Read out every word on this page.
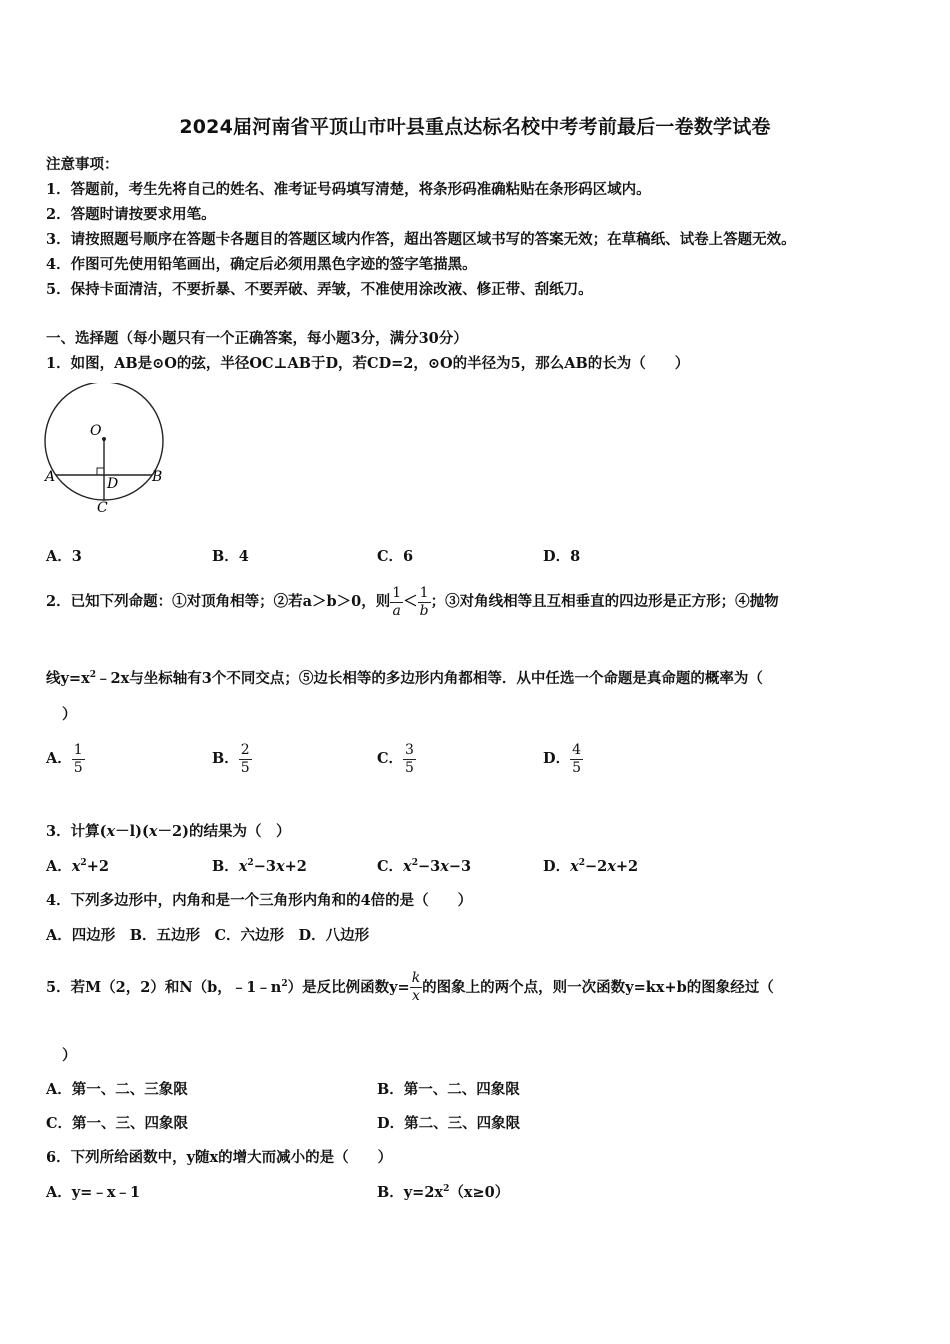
2024届河南省平顶山市叶县重点达标名校中考考前最后一卷数学试卷
注意事项：
1．答题前，考生先将自己的姓名、准考证号码填写清楚，将条形码准确粘贴在条形码区域内。
2．答题时请按要求用笔。
3．请按照题号顺序在答题卡各题目的答题区域内作答，超出答题区域书写的答案无效；在草稿纸、试卷上答题无效。
4．作图可先使用铅笔画出，确定后必须用黑色字迹的签字笔描黑。
5．保持卡面清洁，不要折暴、不要弄破、弄皱，不准使用涂改液、修正带、刮纸刀。
一、选择题（每小题只有一个正确答案，每小题3分，满分30分）
1．如图，AB是⊙O的弦，半径OC⊥AB于D，若CD=2，⊙O的半径为5，那么AB的长为（　　）
O
A	B
D
C
A．3	B．4	C．6	D．8
2．已知下列命题：①对顶角相等；②若a＞b＞0，则 $\frac{1}{a} < \frac{1}{b}$ ；③对角线相等且互相垂直的四边形是正方形；④抛物
线$y=x^2﹣2x$与坐标轴有3个不同交点；⑤边长相等的多边形内角都相等．从中任选一个命题是真命题的概率为（
）
A． $\frac{1}{5}$	B． $\frac{2}{5}$	C． $\frac{3}{5}$	D． $\frac{4}{5}$
3．计算(x－l)(x－2)的结果为（　）
A．$x^2+2$	B．$x^2-3x+2$	C．$x^2-3x-3$	D．$x^2-2x+2$
4．下列多边形中，内角和是一个三角形内角和的4倍的是（　　）
A．四边形　B．五边形　C．六边形　D．八边形
5．若M（2，2）和N（b，$﹣1﹣n^2$）是反比例函数$y= \frac{k}{x}$ 的图象上的两个点，则一次函数y=kx+b的图象经过（
）
A．第一、二、三象限	B．第一、二、四象限
C．第一、三、四象限	D．第二、三、四象限
6．下列所给函数中，y随x的增大而减小的是（　　）
A．y=﹣x﹣1	B．$y=2x^2(x\ge 0)$
